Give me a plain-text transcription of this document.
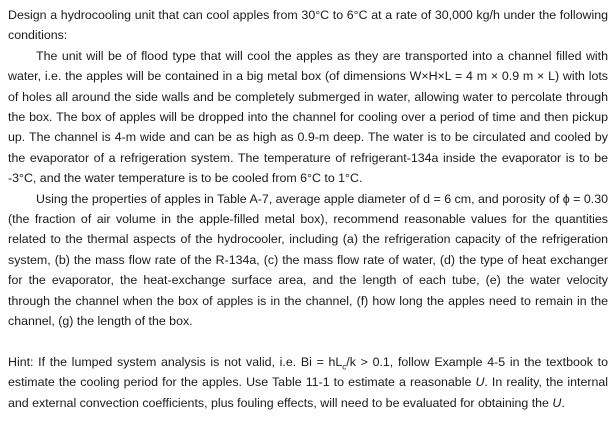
Design a hydrocooling unit that can cool apples from 30°C to 6°C at a rate of 30,000 kg/h under the following conditions:

The unit will be of flood type that will cool the apples as they are transported into a channel filled with water, i.e. the apples will be contained in a big metal box (of dimensions W×H×L = 4 m × 0.9 m × L) with lots of holes all around the side walls and be completely submerged in water, allowing water to percolate through the box. The box of apples will be dropped into the channel for cooling over a period of time and then pickup up. The channel is 4-m wide and can be as high as 0.9-m deep. The water is to be circulated and cooled by the evaporator of a refrigeration system. The temperature of refrigerant-134a inside the evaporator is to be -3°C, and the water temperature is to be cooled from 6°C to 1°C.

Using the properties of apples in Table A-7, average apple diameter of d = 6 cm, and porosity of ϕ = 0.30 (the fraction of air volume in the apple-filled metal box), recommend reasonable values for the quantities related to the thermal aspects of the hydrocooler, including (a) the refrigeration capacity of the refrigeration system, (b) the mass flow rate of the R-134a, (c) the mass flow rate of water, (d) the type of heat exchanger for the evaporator, the heat-exchange surface area, and the length of each tube, (e) the water velocity through the channel when the box of apples is in the channel, (f) how long the apples need to remain in the channel, (g) the length of the box.

Hint: If the lumped system analysis is not valid, i.e. $Bi = hL_c/k > 0.1$, follow Example 4-5 in the textbook to estimate the cooling period for the apples. Use Table 11-1 to estimate a reasonable U. In reality, the internal and external convection coefficients, plus fouling effects, will need to be evaluated for obtaining the U.
